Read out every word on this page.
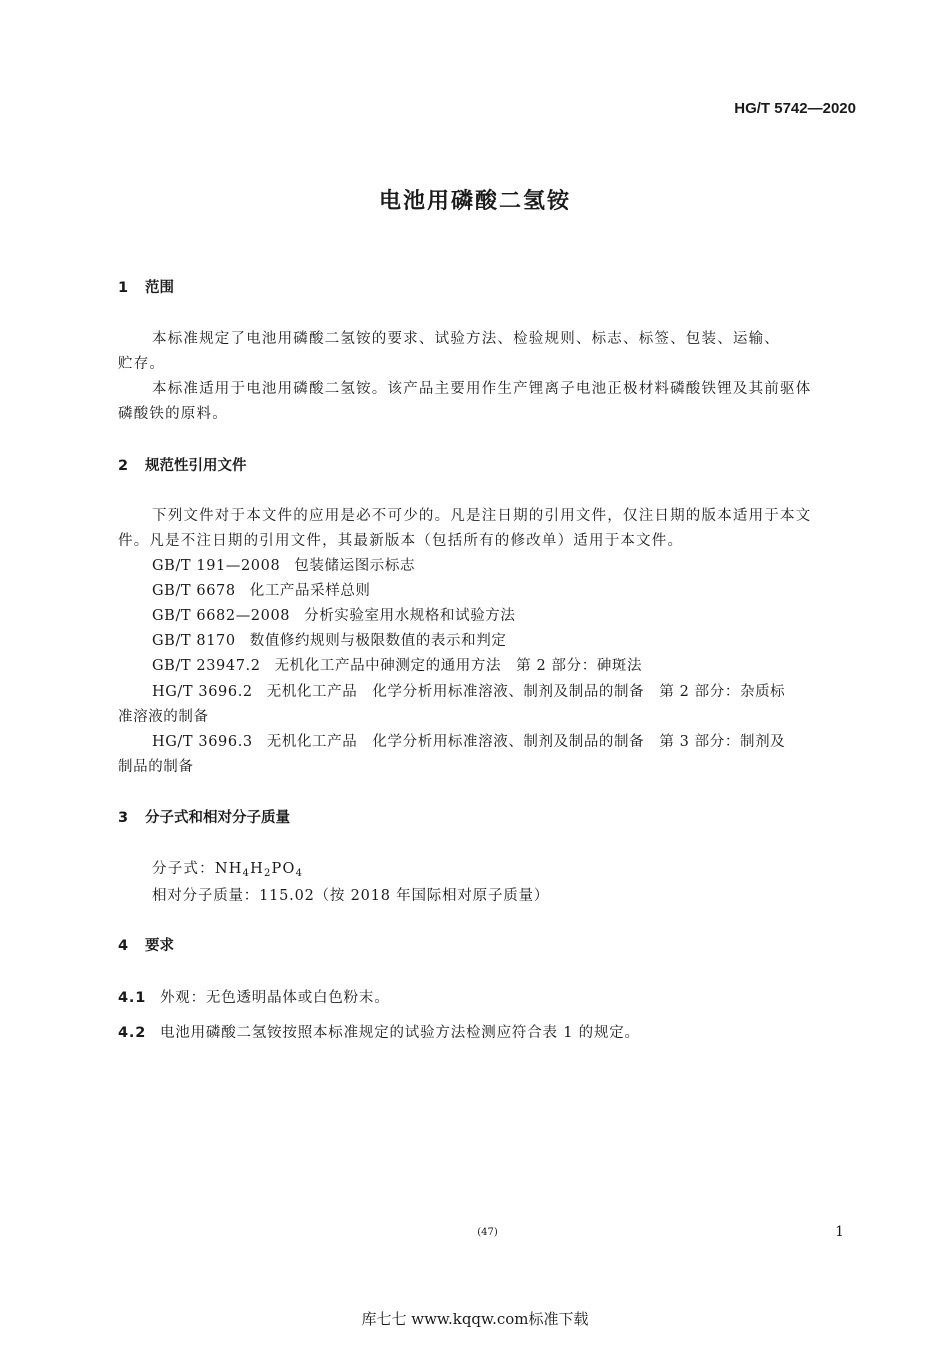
HG/T 5742—2020
电池用磷酸二氢铵
1 范围
本标准规定了电池用磷酸二氢铵的要求、试验方法、检验规则、标志、标签、包装、运输、
贮存。
本标准适用于电池用磷酸二氢铵。该产品主要用作生产锂离子电池正极材料磷酸铁锂及其前驱体
磷酸铁的原料。
2 规范性引用文件
下列文件对于本文件的应用是必不可少的。凡是注日期的引用文件，仅注日期的版本适用于本文
件。凡是不注日期的引用文件，其最新版本（包括所有的修改单）适用于本文件。
GB/T 191—2008 包装储运图示标志
GB/T 6678 化工产品采样总则
GB/T 6682—2008 分析实验室用水规格和试验方法
GB/T 8170 数值修约规则与极限数值的表示和判定
GB/T 23947.2 无机化工产品中砷测定的通用方法　第 2 部分：砷斑法
HG/T 3696.2 无机化工产品　化学分析用标准溶液、制剂及制品的制备　第 2 部分：杂质标
准溶液的制备
HG/T 3696.3 无机化工产品　化学分析用标准溶液、制剂及制品的制备　第 3 部分：制剂及
制品的制备
3 分子式和相对分子质量
分子式：$NH_4H_2PO_4$
相对分子质量：115.02（按 2018 年国际相对原子质量）
4 要求
4.1 外观：无色透明晶体或白色粉末。
4.2 电池用磷酸二氢铵按照本标准规定的试验方法检测应符合表 1 的规定。
(47)	1
库七七 www.kqqw.com标准下载
